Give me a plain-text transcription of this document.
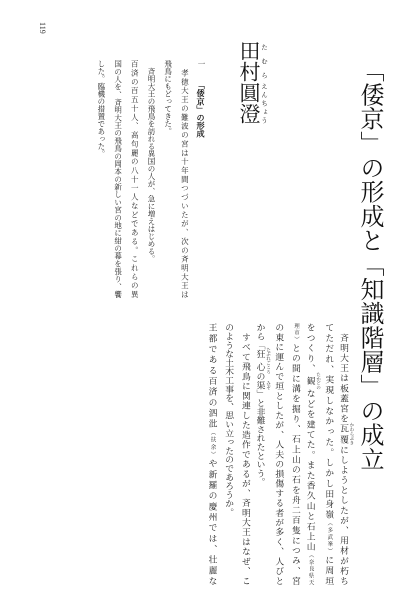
119
「倭京」の形成と「知識階層」の成立
田村 たむら圓澄 えんちょう
一「倭京」の形成
　孝徳大王の難波の宮は十年間つづいたが、次の斉明大王は
飛鳥にもどってきた。
　斉明大王の飛鳥を訪れる異国の人が、急に増えはじめる。
百済の百五十人、高句麗の八十一人などである。これらの異
国の人を、斉明大王の飛鳥の岡本の新しい宮の地に紺の幕を張り、饗
した。臨機の措置であった。
　斉明大王は板蓋宮を瓦覆 かわらぶきにしようとしたが、用材が朽ち
てただれ、実現しなかった。しかし田身嶺（多武峯）に周垣
をつくり、観 たかどのなどを建てた。また香久山と石上山（奈良県天
理市）との間に溝を掘り、石上山の石を舟二百隻につみ、宮
の東に運んで垣としたが、人夫の損傷する者が多く、人びと
から「狂心 たぶれごころの渠 みぞ」と非難されたという。
　すべて飛鳥に関連した造作であるが、斉明大王はなぜ、こ
のような土木工事を、思い立ったのであろうか。
王都である百済の泗沘（扶余）や新羅の慶州では、壮麗な
